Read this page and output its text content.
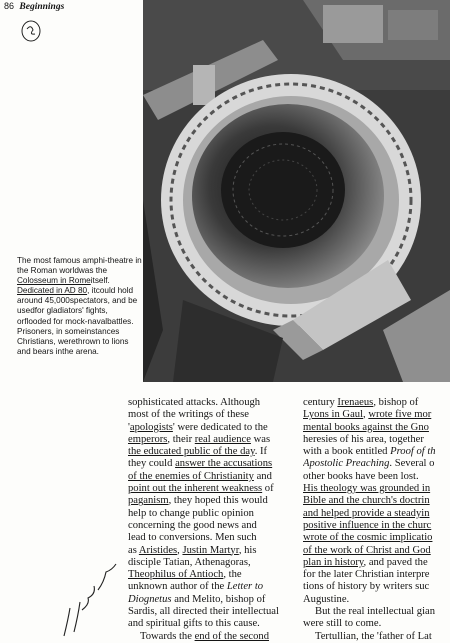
86 Beginnings
The most famous amphi-theatre in the Roman worldwas the Colosseum in Romeitself. Dedicated in AD 80, itcould hold around 45,000spectators, and be usedfor gladiators' fights, orflooded for mock-navalbattles. Prisoners, in someinstances Christians, werethrown to lions and bears inthe arena.
sophisticated attacks. Although
most of the writings of these
'apologists' were dedicated to the
emperors, their real audience was
the educated public of the day. If
they could answer the accusations
of the enemies of Christianity and
point out the inherent weakness of
paganism, they hoped this would
help to change public opinion
concerning the good news and
lead to conversions. Men such
as Aristides, Justin Martyr, his
disciple Tatian, Athenagoras,
Theophilus of Antioch, the
unknown author of the Letter to
Diognetus and Melito, bishop of
Sardis, all directed their intellectual
and spiritual gifts to this cause.
Towards the end of the second
century Irenaeus, bishop of
Lyons in Gaul, wrote five mor
mental books against the Gno
heresies of his area, together
with a book entitled Proof of th
Apostolic Preaching. Several o
other books have been lost.
His theology was grounded in
Bible and the church's doctrin
and helped provide a steadyin
positive influence in the churc
wrote of the cosmic implicatio
of the work of Christ and God
plan in history, and paved the
for the later Christian interpre
tions of history by writers suc
Augustine.
But the real intellectual gian
were still to come.
Tertullian, the 'father of Lat
